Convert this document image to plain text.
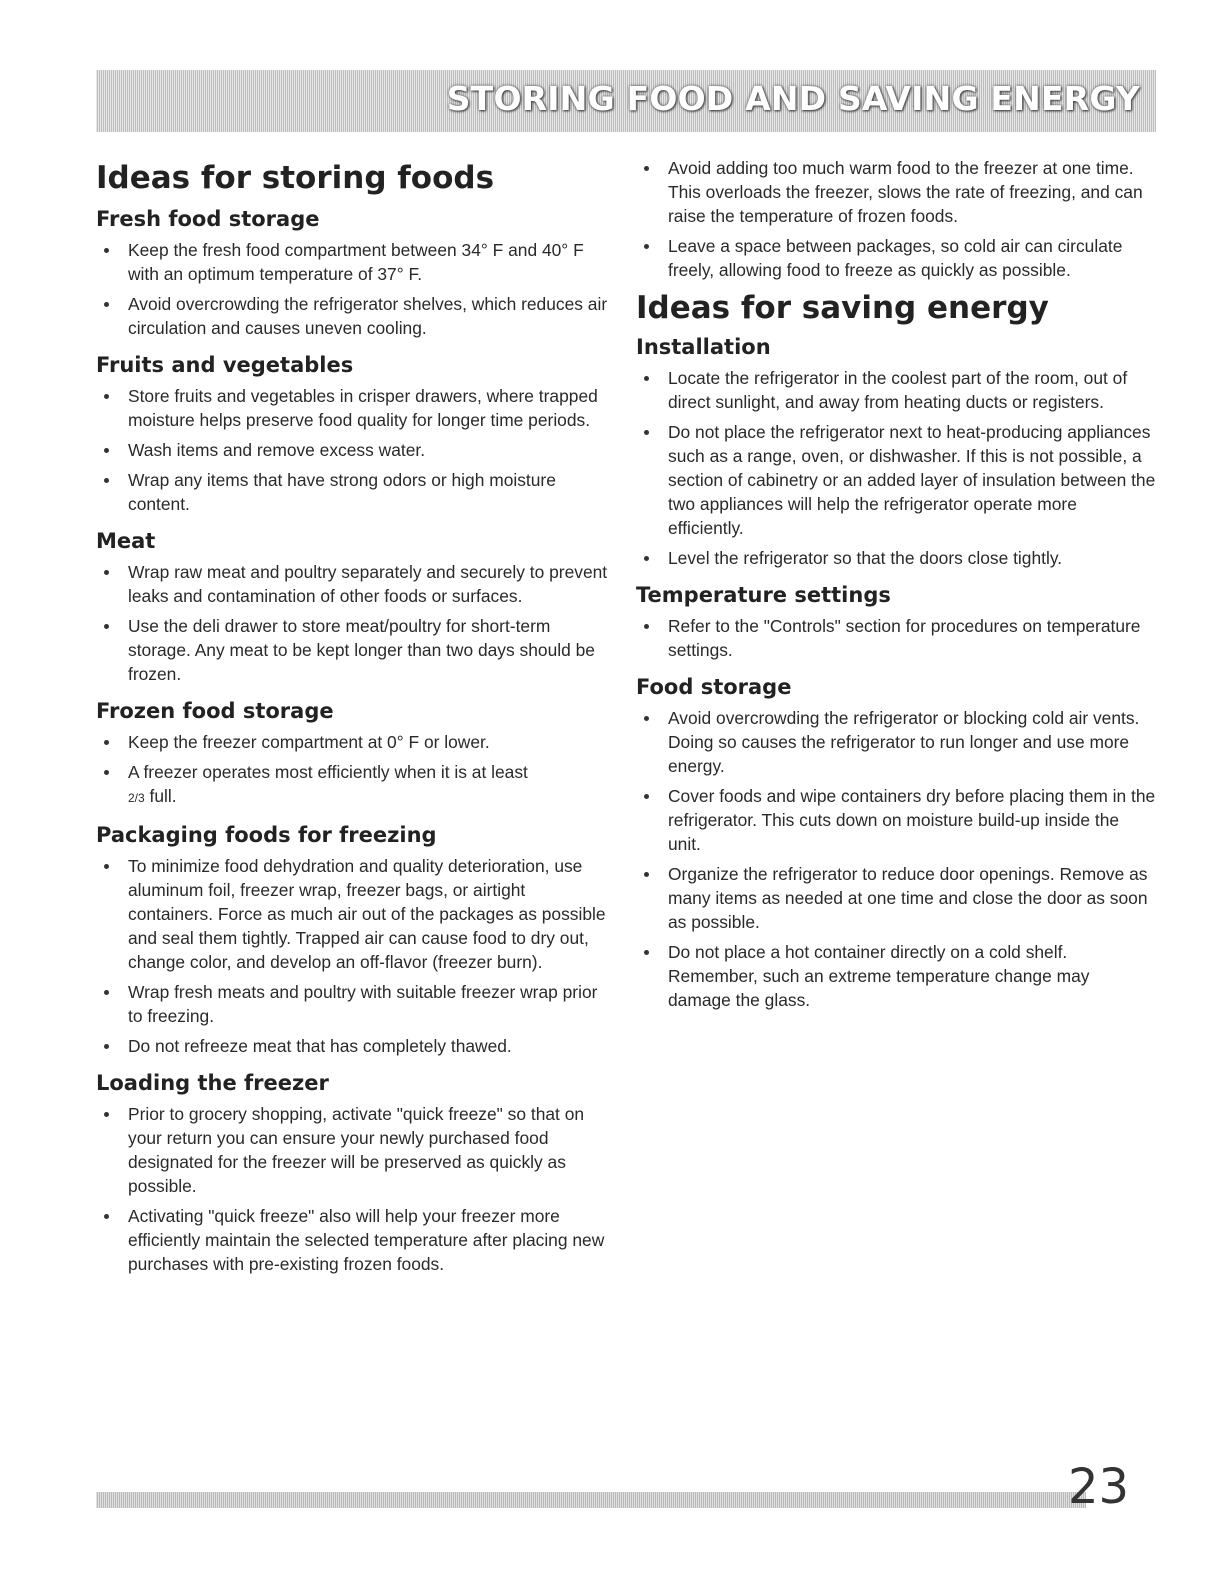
STORING FOOD AND SAVING ENERGY
Ideas for storing foods
Fresh food storage
Keep the fresh food compartment between 34° F and 40° F with an optimum temperature of 37° F.
Avoid overcrowding the refrigerator shelves, which reduces air circulation and causes uneven cooling.
Fruits and vegetables
Store fruits and vegetables in crisper drawers, where trapped moisture helps preserve food quality for longer time periods.
Wash items and remove excess water.
Wrap any items that have strong odors or high moisture content.
Meat
Wrap raw meat and poultry separately and securely to prevent leaks and contamination of other foods or surfaces.
Use the deli drawer to store meat/poultry for short-term storage. Any meat to be kept longer than two days should be frozen.
Frozen food storage
Keep the freezer compartment at 0° F or lower.
A freezer operates most efficiently when it is at least
2/3 full.
Packaging foods for freezing
To minimize food dehydration and quality deterioration, use aluminum foil, freezer wrap, freezer bags, or airtight containers. Force as much air out of the packages as possible and seal them tightly. Trapped air can cause food to dry out, change color, and develop an off-flavor (freezer burn).
Wrap fresh meats and poultry with suitable freezer wrap prior to freezing.
Do not refreeze meat that has completely thawed.
Loading the freezer
Prior to grocery shopping, activate "quick freeze" so that on your return you can ensure your newly purchased food designated for the freezer will be preserved as quickly as possible.
Activating "quick freeze" also will help your freezer more efficiently maintain the selected temperature after placing new purchases with pre-existing frozen foods.
Avoid adding too much warm food to the freezer at one time. This overloads the freezer, slows the rate of freezing, and can raise the temperature of frozen foods.
Leave a space between packages, so cold air can circulate freely, allowing food to freeze as quickly as possible.
Ideas for saving energy
Installation
Locate the refrigerator in the coolest part of the room, out of direct sunlight, and away from heating ducts or registers.
Do not place the refrigerator next to heat-producing appliances such as a range, oven, or dishwasher. If this is not possible, a section of cabinetry or an added layer of insulation between the two appliances will help the refrigerator operate more efficiently.
Level the refrigerator so that the doors close tightly.
Temperature settings
Refer to the "Controls" section for procedures on temperature settings.
Food storage
Avoid overcrowding the refrigerator or blocking cold air vents. Doing so causes the refrigerator to run longer and use more energy.
Cover foods and wipe containers dry before placing them in the refrigerator. This cuts down on moisture build-up inside the unit.
Organize the refrigerator to reduce door openings. Remove as many items as needed at one time and close the door as soon as possible.
Do not place a hot container directly on a cold shelf. Remember, such an extreme temperature change may damage the glass.
23
